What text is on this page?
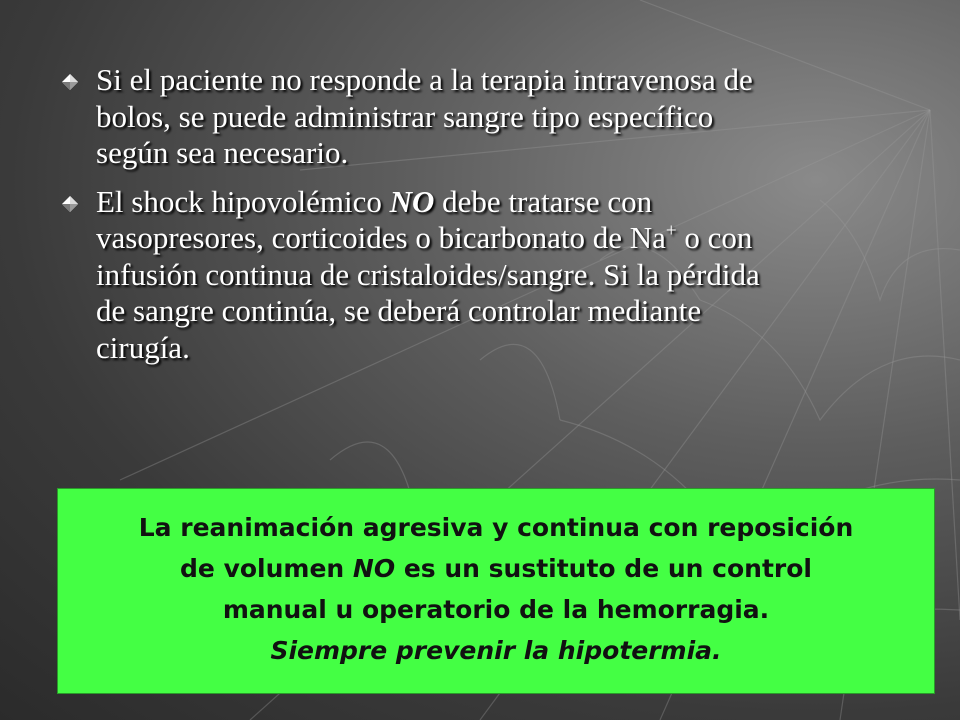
Si el paciente no responde a la terapia intravenosa de
bolos, se puede administrar sangre tipo específico
según sea necesario.
El shock hipovolémico NO debe tratarse con
vasopresores, corticoides o bicarbonato de Na+ o con
infusión continua de cristaloides/sangre. Si la pérdida
de sangre continúa, se deberá controlar mediante
cirugía.
La reanimación agresiva y continua con reposición
de volumen NO es un sustituto de un control
manual u operatorio de la hemorragia.
Siempre prevenir la hipotermia.
